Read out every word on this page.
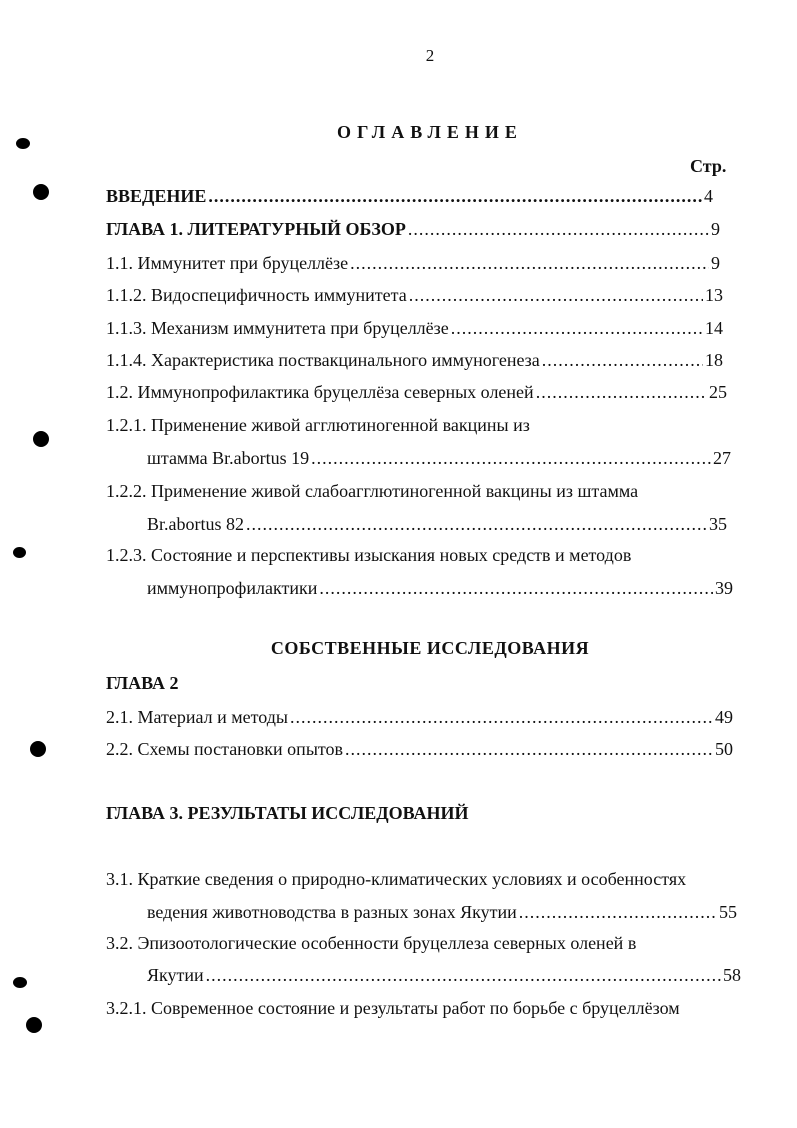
2
ОГЛАВЛЕНИЕ
Стр.
ВВЕДЕНИЕ .....	4
ГЛАВА 1. ЛИТЕРАТУРНЫЙ ОБЗОР .....	9
1.1. Иммунитет при бруцеллёзе .....	9
1.1.2. Видоспецифичность иммунитета .....	13
1.1.3. Механизм иммунитета при бруцеллёзе .....	14
1.1.4. Характеристика поствакцинального иммуногенеза .....	18
1.2. Иммунопрофилактика бруцеллёза северных оленей .....	25
1.2.1. Применение живой агглютиногенной вакцины из
штамма Br.abortus 19 .....	27
1.2.2. Применение живой слабоагглютиногенной вакцины из штамма
Br.abortus 82 .....	35
1.2.3. Состояние и перспективы изыскания новых средств и методов
иммунопрофилактики .....	39
СОБСТВЕННЫЕ ИССЛЕДОВАНИЯ
ГЛАВА 2
2.1. Материал и методы .....	49
2.2. Схемы постановки опытов .....	50
ГЛАВА 3. РЕЗУЛЬТАТЫ ИССЛЕДОВАНИЙ
3.1. Краткие сведения о природно-климатических условиях и особенностях
ведения животноводства в разных зонах Якутии .....	55
3.2. Эпизоотологические особенности бруцеллеза северных оленей в
Якутии .....	58
3.2.1. Современное состояние и результаты работ по борьбе с бруцеллёзом
